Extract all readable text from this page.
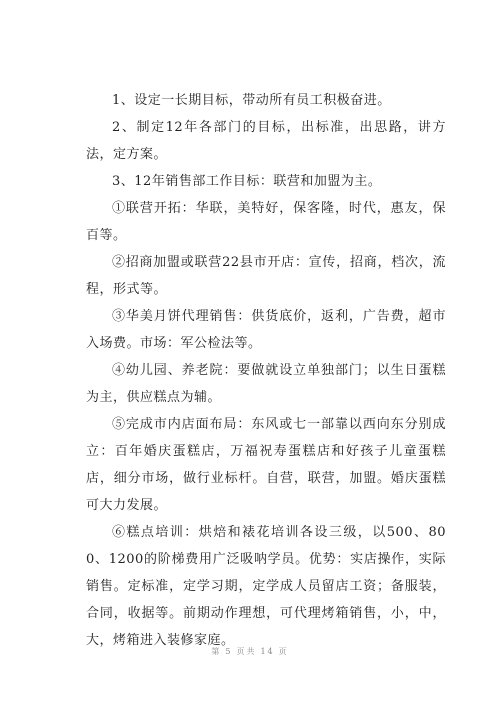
1、设定一长期目标，带动所有员工积极奋进。

2、制定12年各部门的目标，出标准，出思路，讲方法，定方案。

3、12年销售部工作目标：联营和加盟为主。

①联营开拓：华联，美特好，保客隆，时代，惠友，保百等。

②招商加盟或联营22县市开店：宣传，招商，档次，流程，形式等。

③华美月饼代理销售：供货底价，返利，广告费，超市入场费。市场：军公检法等。

④幼儿园、养老院：要做就设立单独部门；以生日蛋糕为主，供应糕点为辅。

⑤完成市内店面布局：东风或七一部靠以西向东分别成立：百年婚庆蛋糕店，万福祝寿蛋糕店和好孩子儿童蛋糕店，细分市场，做行业标杆。自营，联营，加盟。婚庆蛋糕可大力发展。

⑥糕点培训：烘焙和裱花培训各设三级，以500、800、1200的阶梯费用广泛吸呐学员。优势：实店操作，实际销售。定标准，定学习期，定学成人员留店工资；备服装，合同，收据等。前期动作理想，可代理烤箱销售，小，中，大，烤箱进入装修家庭。

第 5 页共 14 页
